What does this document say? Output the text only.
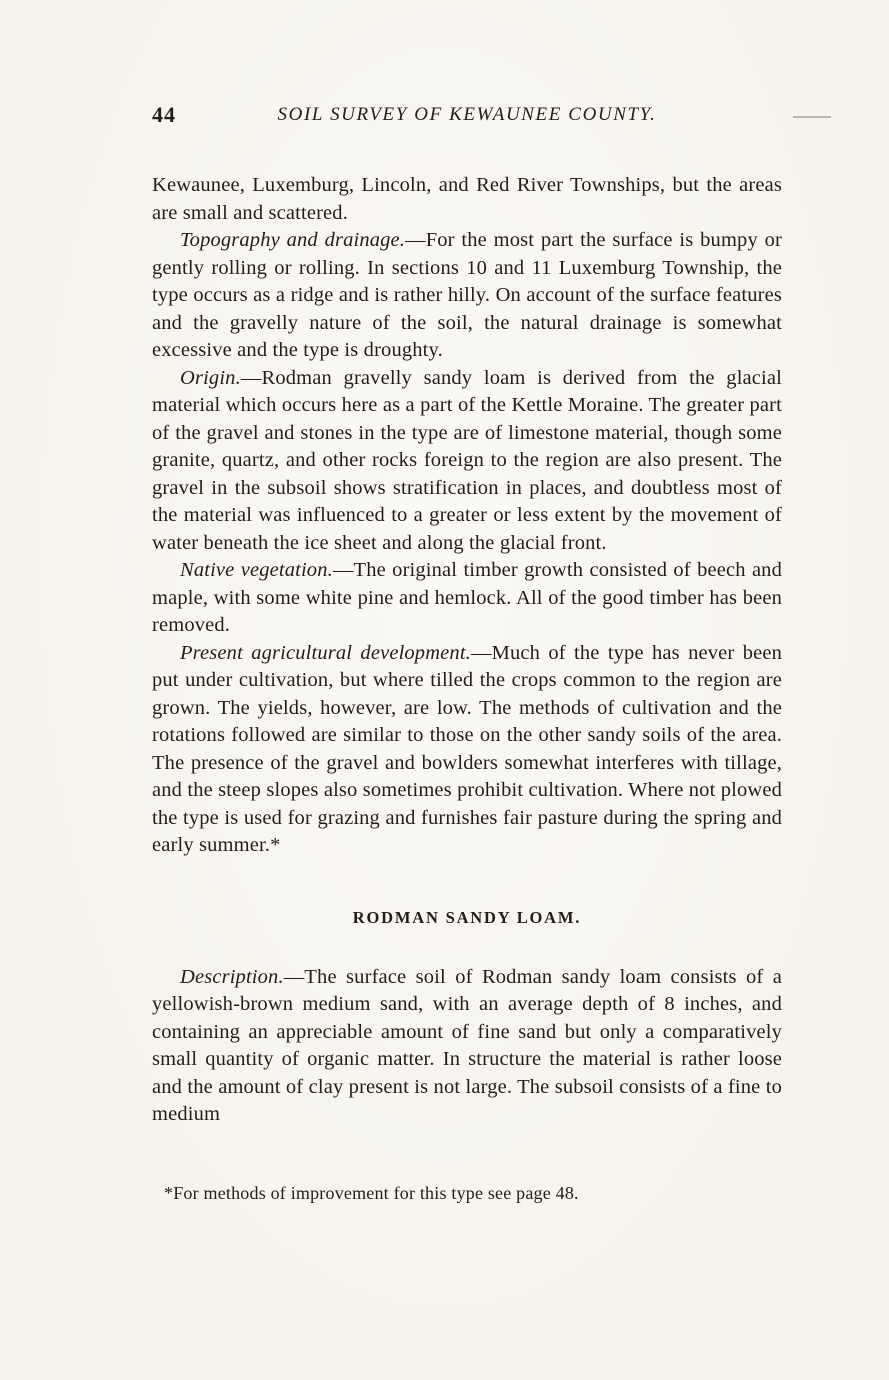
44	SOIL SURVEY OF KEWAUNEE COUNTY.

Kewaunee, Luxemburg, Lincoln, and Red River Townships, but the areas are small and scattered.

Topography and drainage.—For the most part the surface is bumpy or gently rolling or rolling. In sections 10 and 11 Luxemburg Township, the type occurs as a ridge and is rather hilly. On account of the surface features and the gravelly nature of the soil, the natural drainage is somewhat excessive and the type is droughty.

Origin.—Rodman gravelly sandy loam is derived from the glacial material which occurs here as a part of the Kettle Moraine. The greater part of the gravel and stones in the type are of limestone material, though some granite, quartz, and other rocks foreign to the region are also present. The gravel in the subsoil shows stratification in places, and doubtless most of the material was influenced to a greater or less extent by the movement of water beneath the ice sheet and along the glacial front.

Native vegetation.—The original timber growth consisted of beech and maple, with some white pine and hemlock. All of the good timber has been removed.

Present agricultural development.—Much of the type has never been put under cultivation, but where tilled the crops common to the region are grown. The yields, however, are low. The methods of cultivation and the rotations followed are similar to those on the other sandy soils of the area. The presence of the gravel and bowlders somewhat interferes with tillage, and the steep slopes also sometimes prohibit cultivation. Where not plowed the type is used for grazing and furnishes fair pasture during the spring and early summer.*

RODMAN SANDY LOAM.

Description.—The surface soil of Rodman sandy loam consists of a yellowish-brown medium sand, with an average depth of 8 inches, and containing an appreciable amount of fine sand but only a comparatively small quantity of organic matter. In structure the material is rather loose and the amount of clay present is not large. The subsoil consists of a fine to medium

*For methods of improvement for this type see page 48.
